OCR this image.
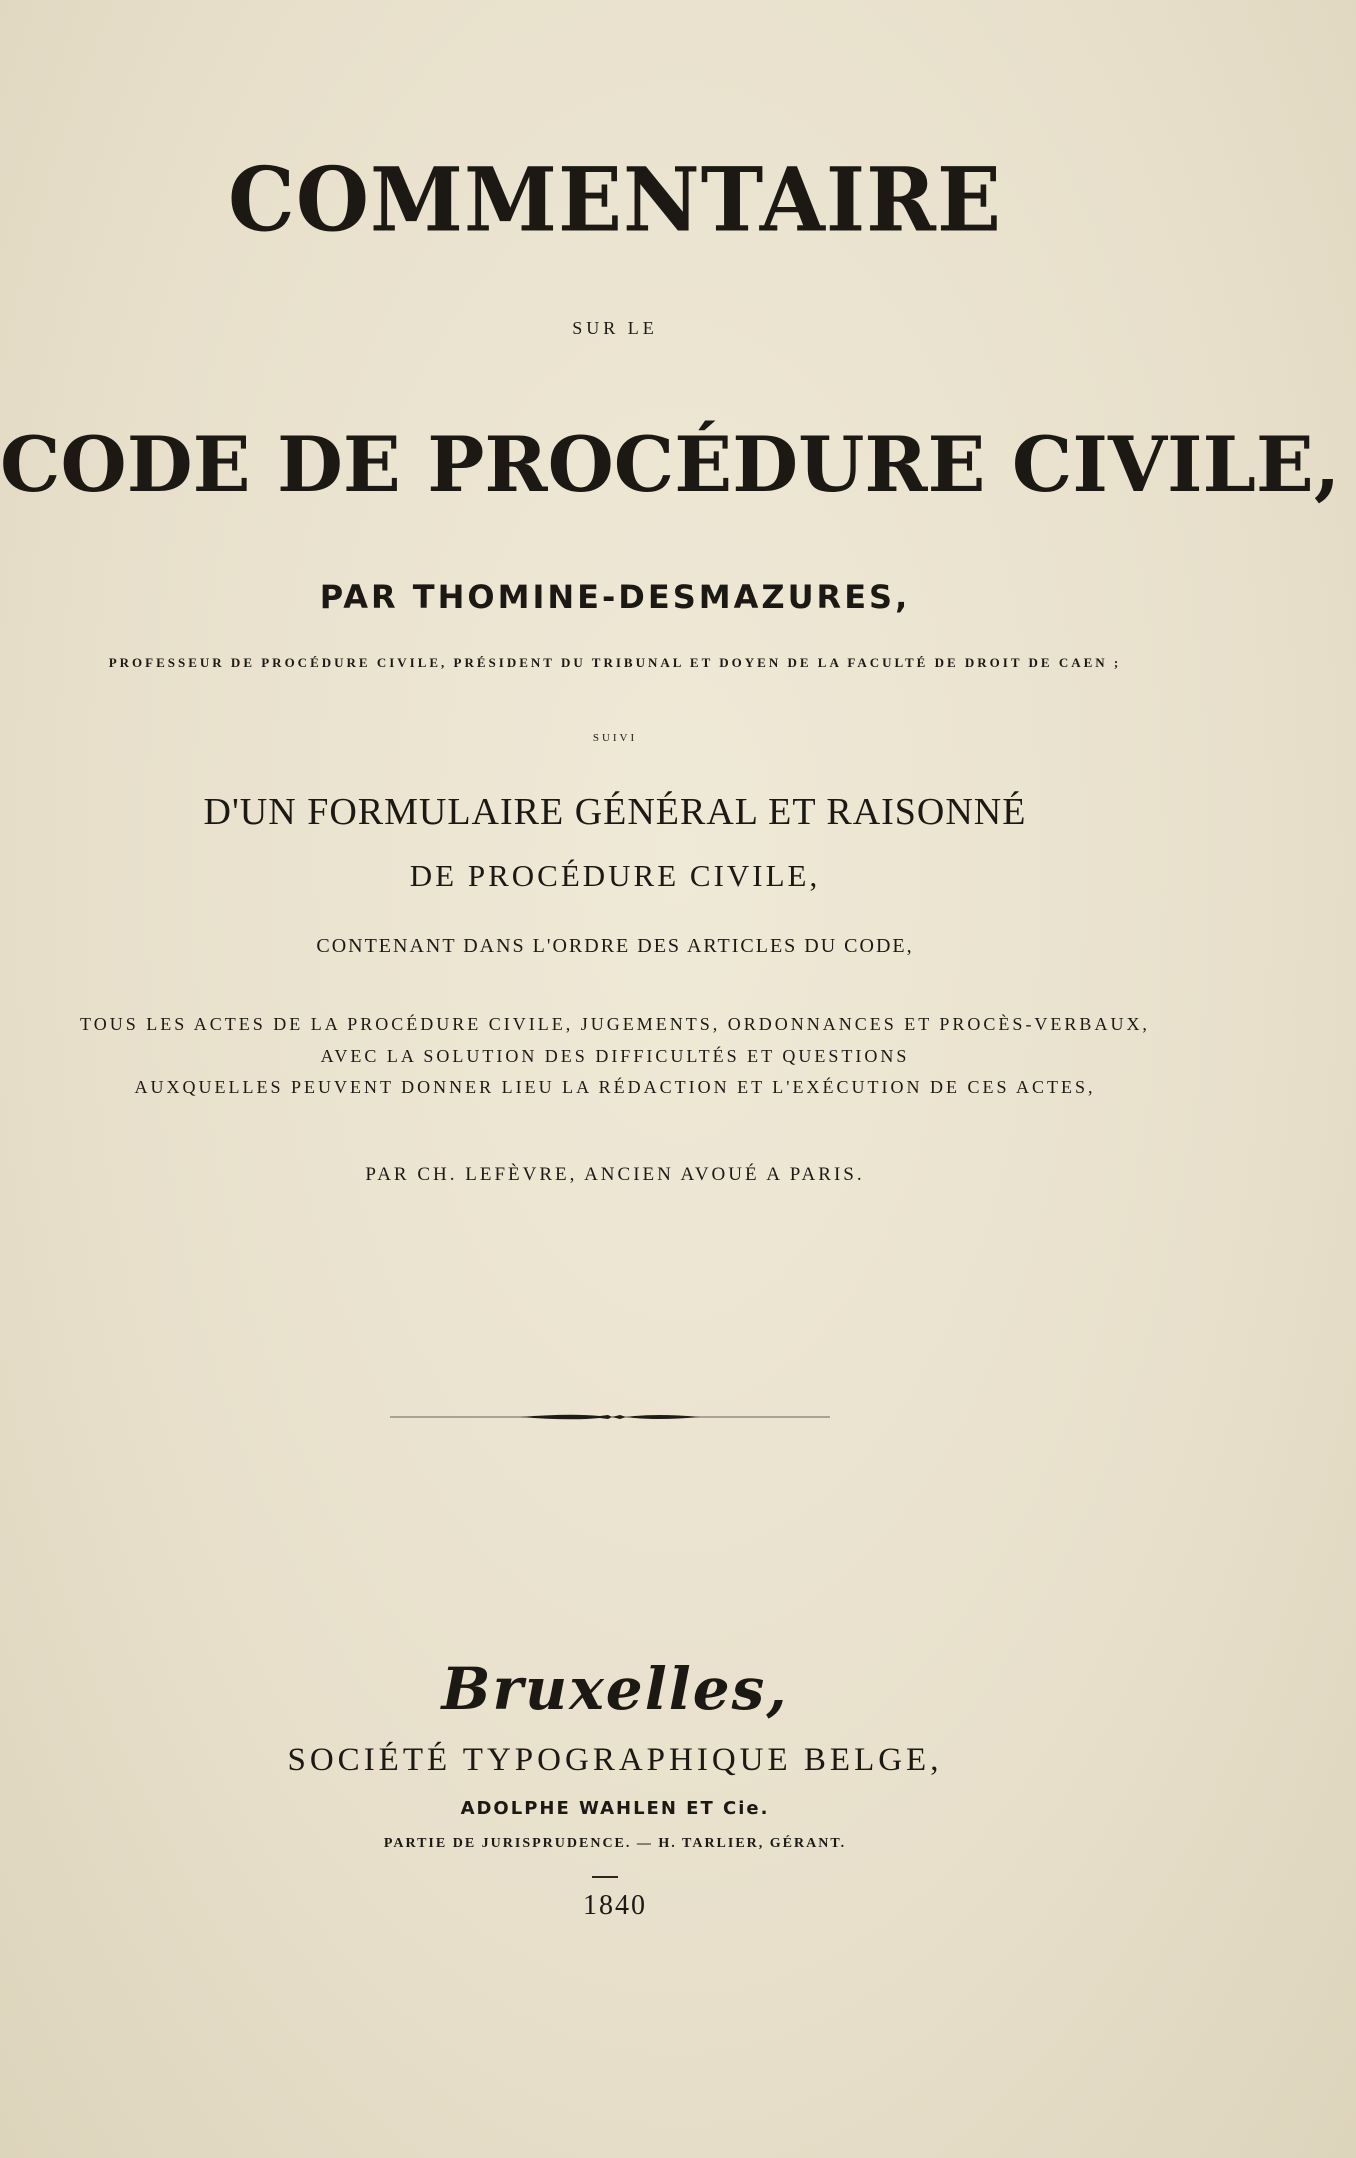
COMMENTAIRE
SUR LE
CODE DE PROCÉDURE CIVILE,
PAR THOMINE-DESMAZURES,
PROFESSEUR DE PROCÉDURE CIVILE, PRÉSIDENT DU TRIBUNAL ET DOYEN DE LA FACULTÉ DE DROIT DE CAEN ;
SUIVI
D'UN FORMULAIRE GÉNÉRAL ET RAISONNÉ
DE PROCÉDURE CIVILE,
CONTENANT DANS L'ORDRE DES ARTICLES DU CODE,
TOUS LES ACTES DE LA PROCÉDURE CIVILE, JUGEMENTS, ORDONNANCES ET PROCÈS-VERBAUX,
AVEC LA SOLUTION DES DIFFICULTÉS ET QUESTIONS
AUXQUELLES PEUVENT DONNER LIEU LA RÉDACTION ET L'EXÉCUTION DE CES ACTES,
PAR CH. LEFÈVRE, ANCIEN AVOUÉ A PARIS.
Bruxelles,
SOCIÉTÉ TYPOGRAPHIQUE BELGE,
ADOLPHE WAHLEN ET Cie.
PARTIE DE JURISPRUDENCE. — H. TARLIER, GÉRANT.
1840
